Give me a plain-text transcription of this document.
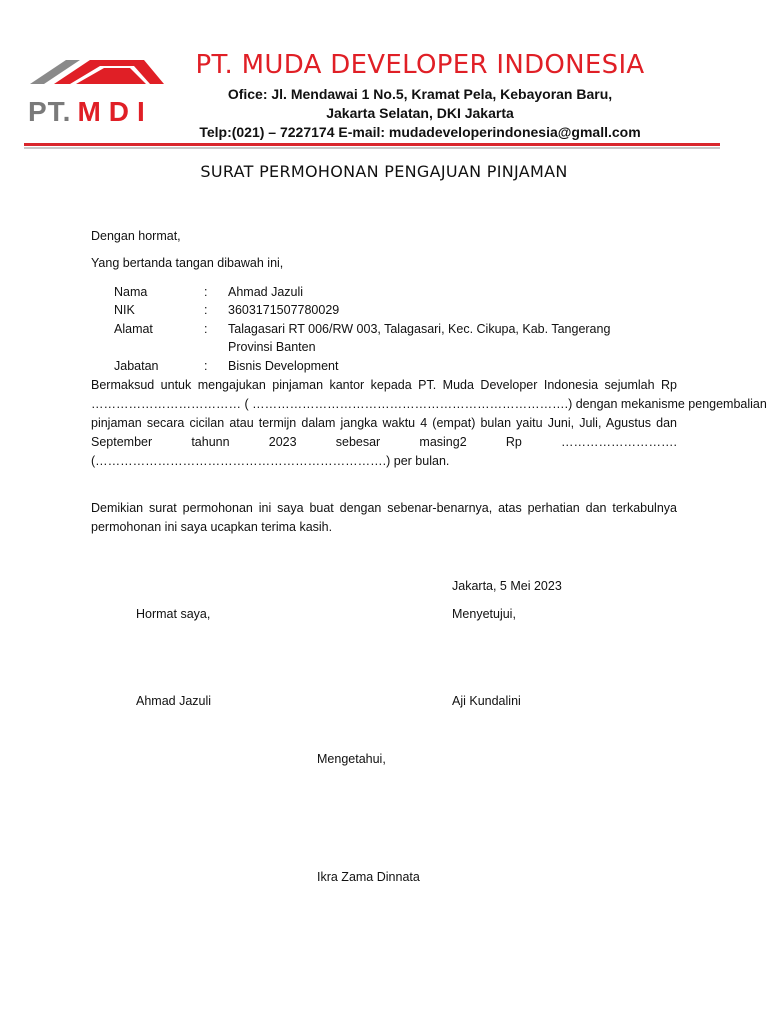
PT. MDI
PT. MUDA DEVELOPER INDONESIA
Ofice: Jl. Mendawai 1 No.5, Kramat Pela, Kebayoran Baru,
Jakarta Selatan, DKI Jakarta
Telp:(021) – 7227174 E-mail: mudadeveloperindonesia@gmall.com
SURAT PERMOHONAN PENGAJUAN PINJAMAN
Dengan hormat,
Yang bertanda tangan dibawah ini,
Nama	: Ahmad Jazuli
NIK	: 3603171507780029
Alamat	: Talagasari RT 006/RW 003, Talagasari, Kec. Cikupa, Kab. Tangerang
Provinsi Banten
Jabatan	: Bisnis Development
Bermaksud untuk mengajukan pinjaman kantor kepada PT. Muda Developer Indonesia sejumlah Rp
……………………………… ( ………………………………………………………………….) dengan mekanisme pengembalian
pinjaman secara cicilan atau termijn dalam jangka waktu 4 (empat) bulan yaitu Juni, Juli, Agustus dan
September tahunn 2023 sebesar masing2 Rp ……………………….
(…………………………………………………………….) per bulan.
Demikian surat permohonan ini saya buat dengan sebenar-benarnya, atas perhatian dan terkabulnya
permohonan ini saya ucapkan terima kasih.
Jakarta, 5 Mei 2023
Hormat saya,	Menyetujui,
Ahmad Jazuli	Aji Kundalini
Mengetahui,
Ikra Zama Dinnata
